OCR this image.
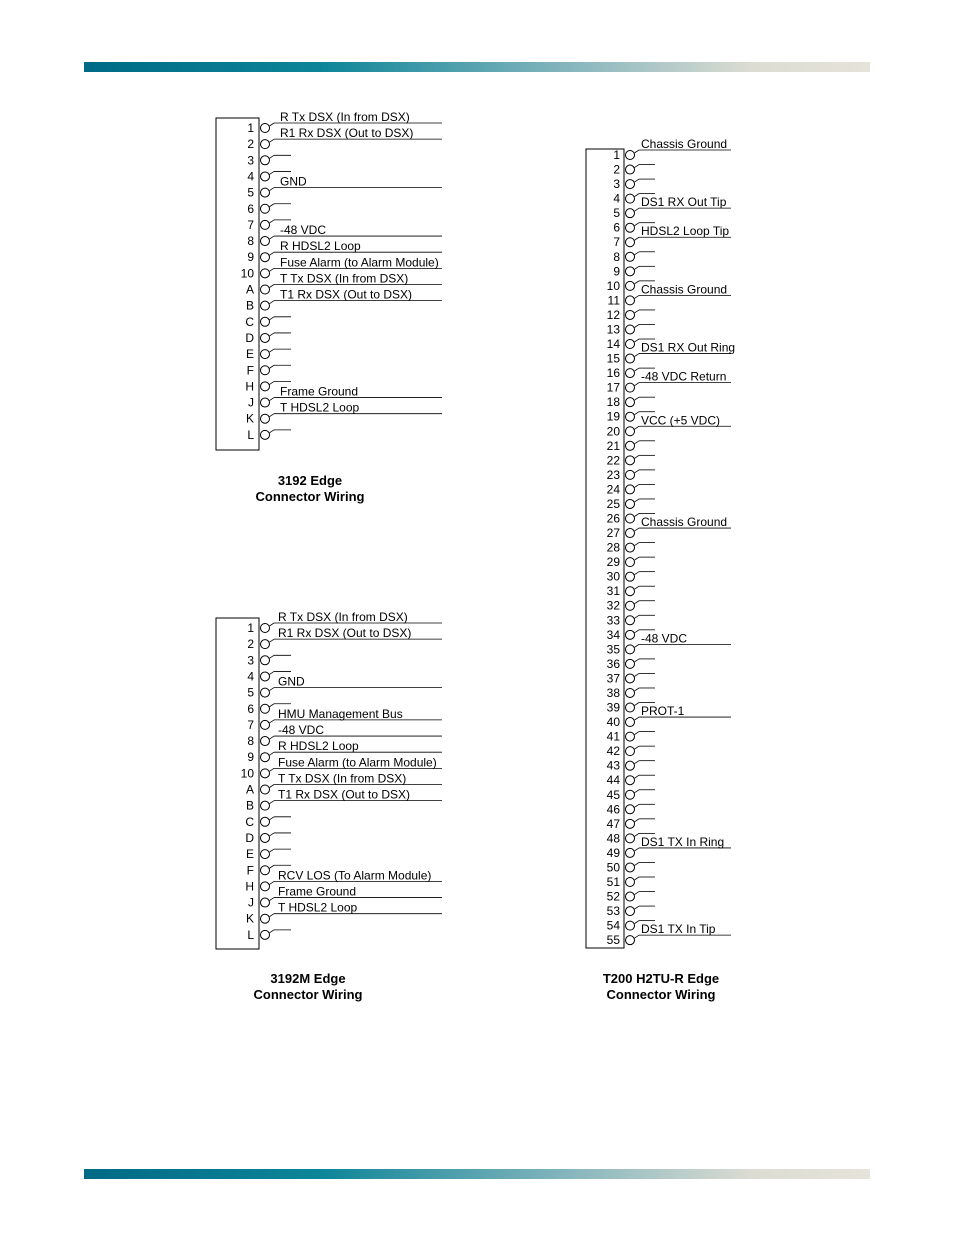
1
R Tx DSX (In from DSX)
2
R1 Rx DSX (Out to DSX)
3
4
5
GND
6
7
8
-48 VDC
9
R HDSL2 Loop
10
Fuse Alarm (to Alarm Module)
A
T Tx DSX (In from DSX)
B
T1 Rx DSX (Out to DSX)
C
D
E
F
H
J
Frame Ground
K
T HDSL2 Loop
L
3192 Edge
Connector Wiring
1
R Tx DSX (In from DSX)
2
R1 Rx DSX (Out to DSX)
3
4
5
GND
6
7
HMU Management Bus
8
-48 VDC
9
R HDSL2 Loop
10
Fuse Alarm (to Alarm Module)
A
T Tx DSX (In from DSX)
B
T1 Rx DSX (Out to DSX)
C
D
E
F
H
RCV LOS (To Alarm Module)
J
Frame Ground
K
T HDSL2 Loop
L
3192M Edge
Connector Wiring
1
Chassis Ground
2
3
4
5
DS1 RX Out Tip
6
7
HDSL2 Loop Tip
8
9
10
11
Chassis Ground
12
13
14
15
DS1 RX Out Ring
16
17
-48 VDC Return
18
19
20
VCC (+5 VDC)
21
22
23
24
25
26
27
Chassis Ground
28
29
30
31
32
33
34
35
-48 VDC
36
37
38
39
40
PROT-1
41
42
43
44
45
46
47
48
49
DS1 TX In Ring
50
51
52
53
54
55
DS1 TX In Tip
T200 H2TU-R Edge
Connector Wiring
